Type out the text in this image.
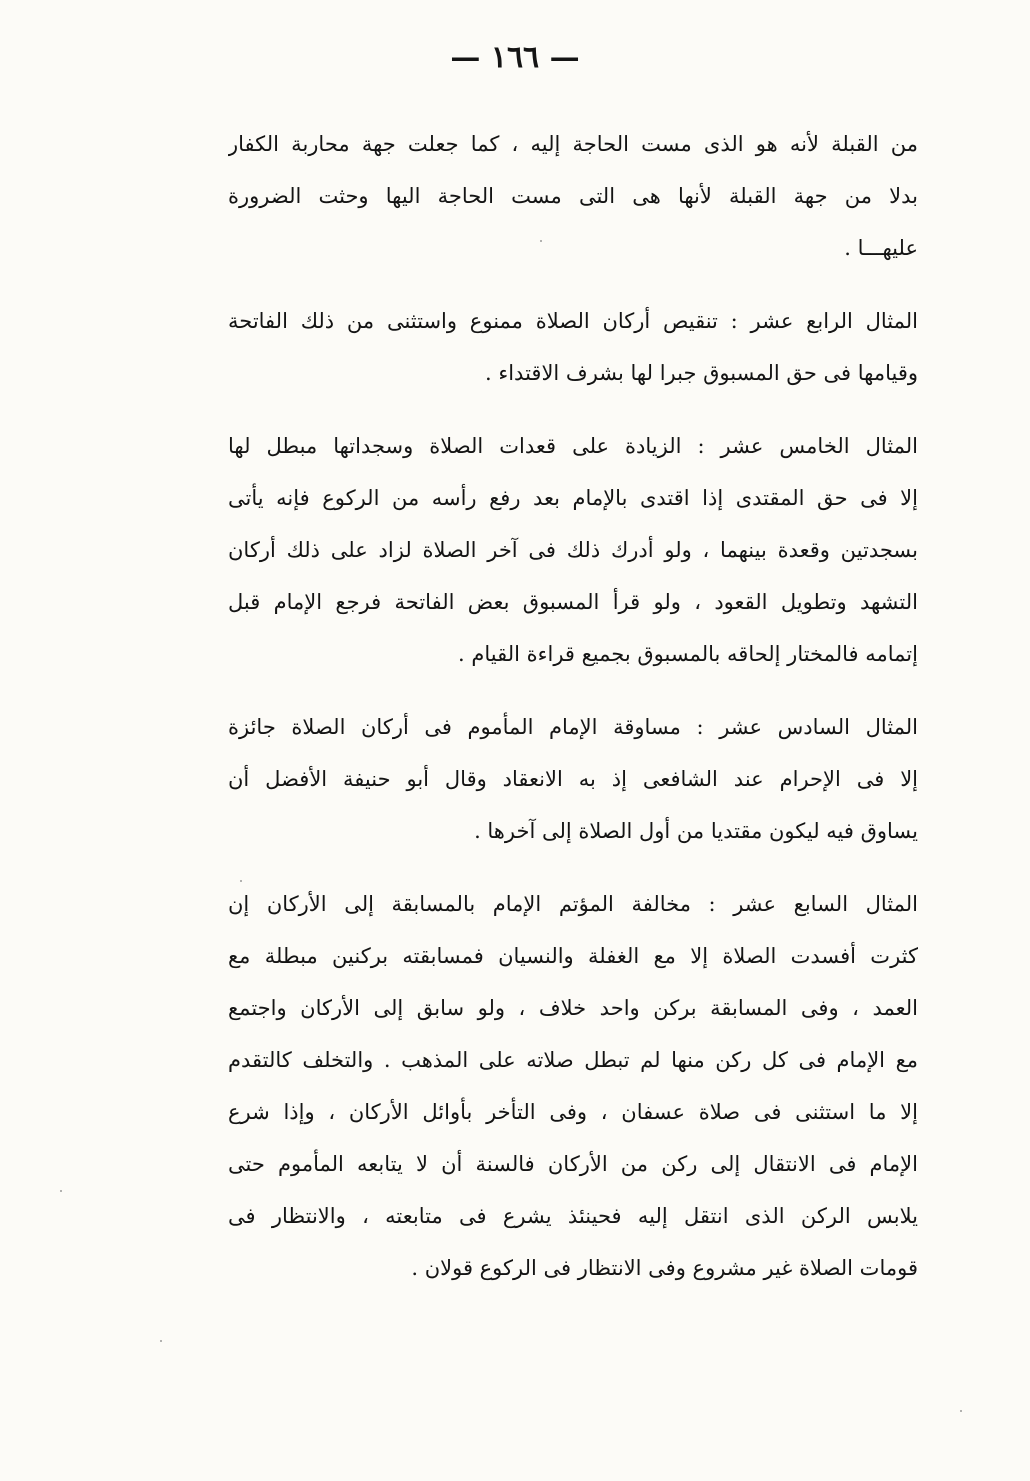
— ١٦٦ —
من القبلة لأنه هو الذى مست الحاجة إليه ، كما جعلت جهة محاربة الكفار
بدلا من جهة القبلة لأنها هى التى مست الحاجة اليها وحثت الضرورة
عليهـــا .
المثال الرابع عشر : تنقيص أركان الصلاة ممنوع واستثنى من ذلك الفاتحة
وقيامها فى حق المسبوق جبرا لها بشرف الاقتداء .
المثال الخامس عشر : الزيادة على قعدات الصلاة وسجداتها مبطل لها
إلا فى حق المقتدى إذا اقتدى بالإمام بعد رفع رأسه من الركوع فإنه يأتى
بسجدتين وقعدة بينهما ، ولو أدرك ذلك فى آخر الصلاة لزاد على ذلك أركان
التشهد وتطويل القعود ، ولو قرأ المسبوق بعض الفاتحة فرجع الإمام قبل
إتمامه فالمختار إلحاقه بالمسبوق بجميع قراءة القيام .
المثال السادس عشر : مساوقة الإمام المأموم فى أركان الصلاة جائزة
إلا فى الإحرام عند الشافعى إذ به الانعقاد وقال أبو حنيفة الأفضل أن
يساوق فيه ليكون مقتديا من أول الصلاة إلى آخرها .
المثال السابع عشر : مخالفة المؤتم الإمام بالمسابقة إلى الأركان إن
كثرت أفسدت الصلاة إلا مع الغفلة والنسيان فمسابقته بركنين مبطلة مع
العمد ، وفى المسابقة بركن واحد خلاف ، ولو سابق إلى الأركان واجتمع
مع الإمام فى كل ركن منها لم تبطل صلاته على المذهب . والتخلف كالتقدم
إلا ما استثنى فى صلاة عسفان ، وفى التأخر بأوائل الأركان ، وإذا شرع
الإمام فى الانتقال إلى ركن من الأركان فالسنة أن لا يتابعه المأموم حتى
يلابس الركن الذى انتقل إليه فحينئذ يشرع فى متابعته ، والانتظار فى
قومات الصلاة غير مشروع وفى الانتظار فى الركوع قولان .
